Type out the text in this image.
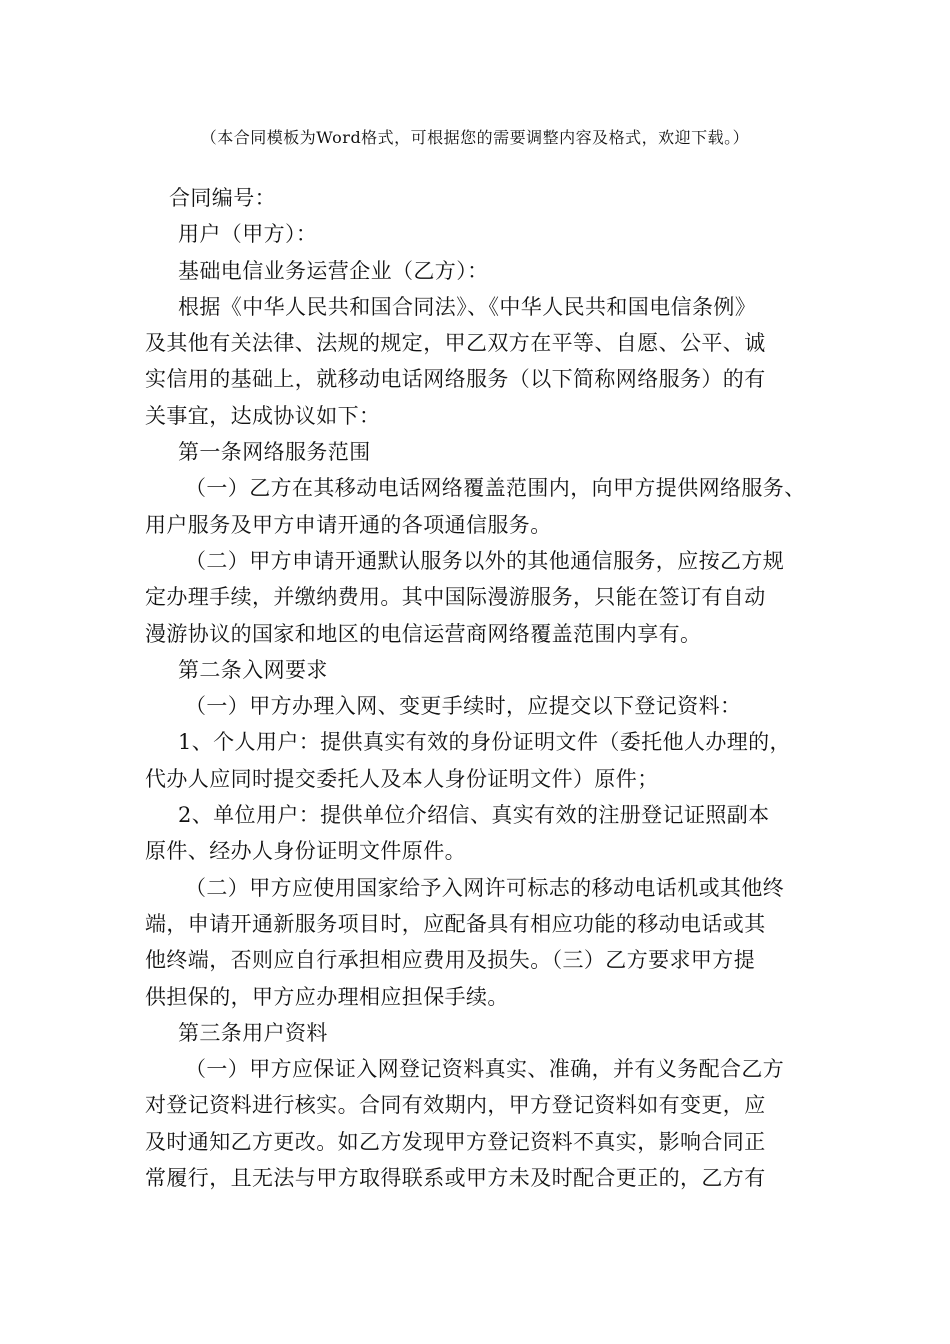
（本合同模板为Word格式，可根据您的需要调整内容及格式，欢迎下载。）

合同编号：

用户（甲方）：

基础电信业务运营企业（乙方）：

根据《中华人民共和国合同法》、《中华人民共和国电信条例》

及其他有关法律、法规的规定，甲乙双方在平等、自愿、公平、诚

实信用的基础上，就移动电话网络服务（以下简称网络服务）的有

关事宜，达成协议如下：

第一条网络服务范围

（一）乙方在其移动电话网络覆盖范围内，向甲方提供网络服务、

用户服务及甲方申请开通的各项通信服务。

（二）甲方申请开通默认服务以外的其他通信服务，应按乙方规

定办理手续，并缴纳费用。其中国际漫游服务，只能在签订有自动

漫游协议的国家和地区的电信运营商网络覆盖范围内享有。

第二条入网要求

（一）甲方办理入网、变更手续时，应提交以下登记资料：

1、个人用户：提供真实有效的身份证明文件（委托他人办理的，

代办人应同时提交委托人及本人身份证明文件）原件；

2、单位用户：提供单位介绍信、真实有效的注册登记证照副本

原件、经办人身份证明文件原件。

（二）甲方应使用国家给予入网许可标志的移动电话机或其他终

端，申请开通新服务项目时，应配备具有相应功能的移动电话或其

他终端，否则应自行承担相应费用及损失。（三）乙方要求甲方提

供担保的，甲方应办理相应担保手续。

第三条用户资料

（一）甲方应保证入网登记资料真实、准确，并有义务配合乙方

对登记资料进行核实。合同有效期内，甲方登记资料如有变更，应

及时通知乙方更改。如乙方发现甲方登记资料不真实，影响合同正

常履行，且无法与甲方取得联系或甲方未及时配合更正的，乙方有
